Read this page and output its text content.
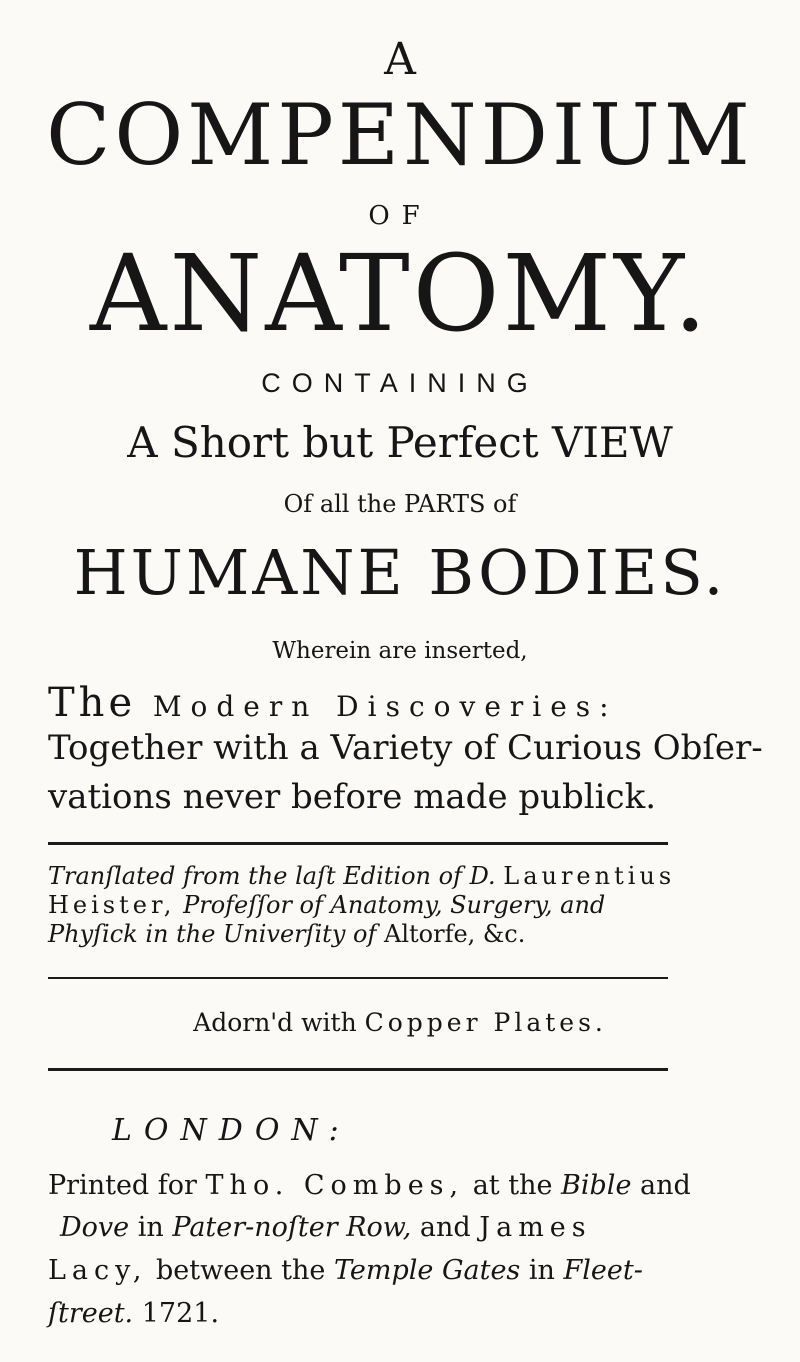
A
COMPENDIUM
OF
ANATOMY.
CONTAINING
A Short but Perfect VIEW
Of all the PARTS of
HUMANE BODIES.
Wherein are inserted,
The Modern Discoveries:
Together with a Variety of Curious Obſer-
vations never before made publick.
Tranſlated from the laſt Edition of D. Laurentius
Heister, Profeſſor of Anatomy, Surgery, and
Phyſick in the Univerſity of Altorfe, &c.
Adorn'd with Copper Plates.
LONDON:
Printed for Tho. Combes, at the Bible and
Dove in Pater-noſter Row, and James
Lacy, between the Temple Gates in Fleet-
ſtreet. 1721.
